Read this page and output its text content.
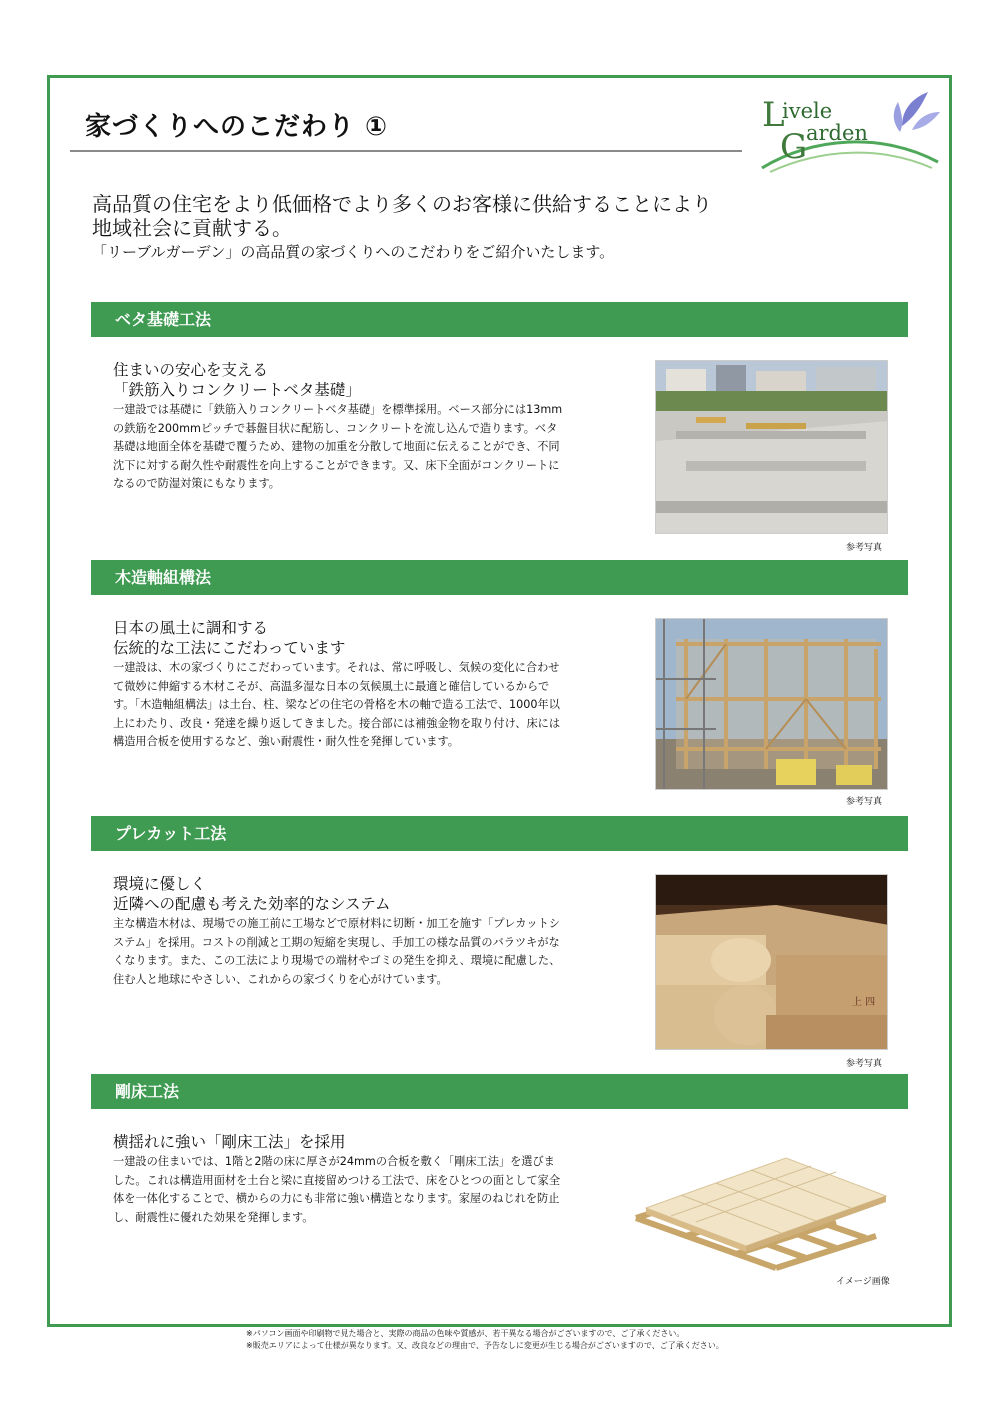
家づくりへのこだわり ①	L
ivele
G
arden
高品質の住宅をより低価格でより多くのお客様に供給することにより
地域社会に貢献する。
「リーブルガーデン」の高品質の家づくりへのこだわりをご紹介いたします。
ベタ基礎工法
住まいの安心を支える
「鉄筋入りコンクリートベタ基礎」
一建設では基礎に「鉄筋入りコンクリートベタ基礎」を標準採用。ベース部分には13mmの鉄筋を200mmピッチで碁盤目状に配筋し、コンクリートを流し込んで造ります。ベタ基礎は地面全体を基礎で覆うため、建物の加重を分散して地面に伝えることができ、不同沈下に対する耐久性や耐震性を向上することができます。又、床下全面がコンクリートになるので防湿対策にもなります。
参考写真
木造軸組構法
日本の風土に調和する
伝統的な工法にこだわっています
一建設は、木の家づくりにこだわっています。それは、常に呼吸し、気候の変化に合わせて微妙に伸縮する木材こそが、高温多湿な日本の気候風土に最適と確信しているからです。「木造軸組構法」は土台、柱、梁などの住宅の骨格を木の軸で造る工法で、1000年以上にわたり、改良・発達を繰り返してきました。接合部には補強金物を取り付け、床には構造用合板を使用するなど、強い耐震性・耐久性を発揮しています。
参考写真
プレカット工法
環境に優しく
近隣への配慮も考えた効率的なシステム
主な構造木材は、現場での施工前に工場などで原材料に切断・加工を施す「プレカットシステム」を採用。コストの削減と工期の短縮を実現し、手加工の様な品質のバラツキがなくなります。また、この工法により現場での端材やゴミの発生を抑え、環境に配慮した、住む人と地球にやさしい、これからの家づくりを心がけています。
上 四
参考写真
剛床工法
横揺れに強い「剛床工法」を採用
一建設の住まいでは、1階と2階の床に厚さが24mmの合板を敷く「剛床工法」を選びました。これは構造用面材を土台と梁に直接留めつける工法で、床をひとつの面として家全体を一体化することで、横からの力にも非常に強い構造となります。家屋のねじれを防止し、耐震性に優れた効果を発揮します。
イメージ画像
※パソコン画面や印刷物で見た場合と、実際の商品の色味や質感が、若干異なる場合がございますので、ご了承ください。
※販売エリアによって仕様が異なります。又、改良などの理由で、予告なしに変更が生じる場合がございますので、ご了承ください。
